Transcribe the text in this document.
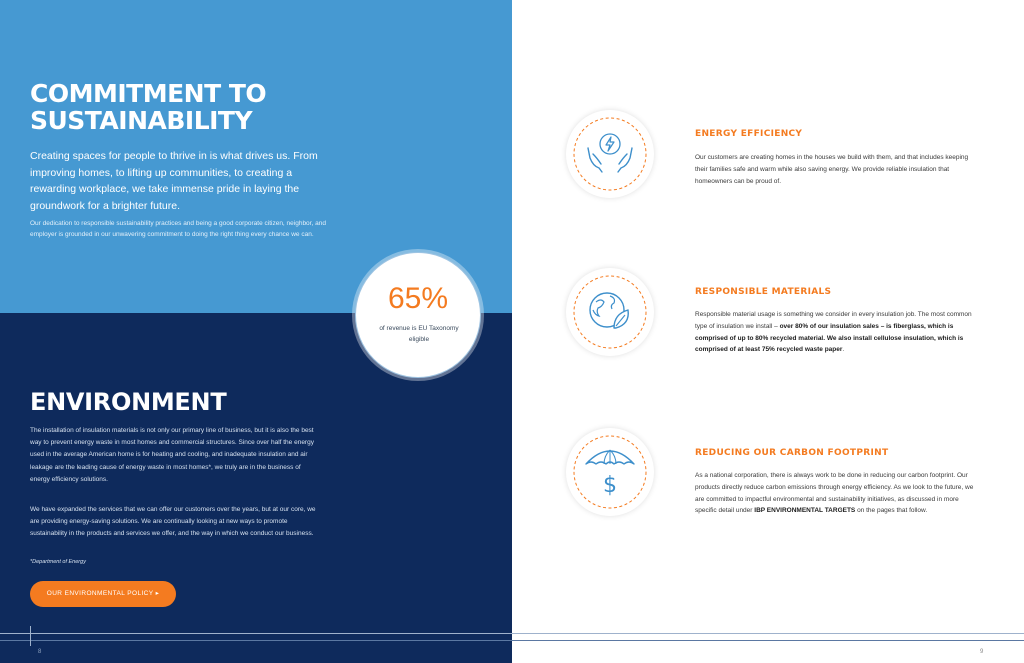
COMMITMENT TO SUSTAINABILITY

Creating spaces for people to thrive in is what drives us. From improving homes, to lifting up communities, to creating a rewarding workplace, we take immense pride in laying the groundwork for a brighter future.

Our dedication to responsible sustainability practices and being a good corporate citizen, neighbor, and employer is grounded in our unwavering commitment to doing the right thing every chance we can.

ENVIRONMENT

The installation of insulation materials is not only our primary line of business, but it is also the best way to prevent energy waste in most homes and commercial structures. Since over half the energy used in the average American home is for heating and cooling, and inadequate insulation and air leakage are the leading cause of energy waste in most homes*, we truly are in the business of energy efficiency solutions.

We have expanded the services that we can offer our customers over the years, but at our core, we are providing energy-saving solutions. We are continually looking at new ways to promote sustainability in the products and services we offer, and the way in which we conduct our business.

*Department of Energy

OUR ENVIRONMENTAL POLICY ▸
65%
of revenue is EU Taxonomy eligible
ENERGY EFFICIENCY
Our customers are creating homes in the houses we build with them, and that includes keeping their families safe and warm while also saving energy. We provide reliable insulation that homeowners can be proud of.
RESPONSIBLE MATERIALS
Responsible material usage is something we consider in every insulation job. The most common type of insulation we install – over 80% of our insulation sales – is fiberglass, which is comprised of up to 80% recycled material. We also install cellulose insulation, which is comprised of at least 75% recycled waste paper.
$
REDUCING OUR CARBON FOOTPRINT
As a national corporation, there is always work to be done in reducing our carbon footprint. Our products directly reduce carbon emissions through energy efficiency. As we look to the future, we are committed to impactful environmental and sustainability initiatives, as discussed in more specific detail under IBP ENVIRONMENTAL TARGETS on the pages that follow.
8	9
